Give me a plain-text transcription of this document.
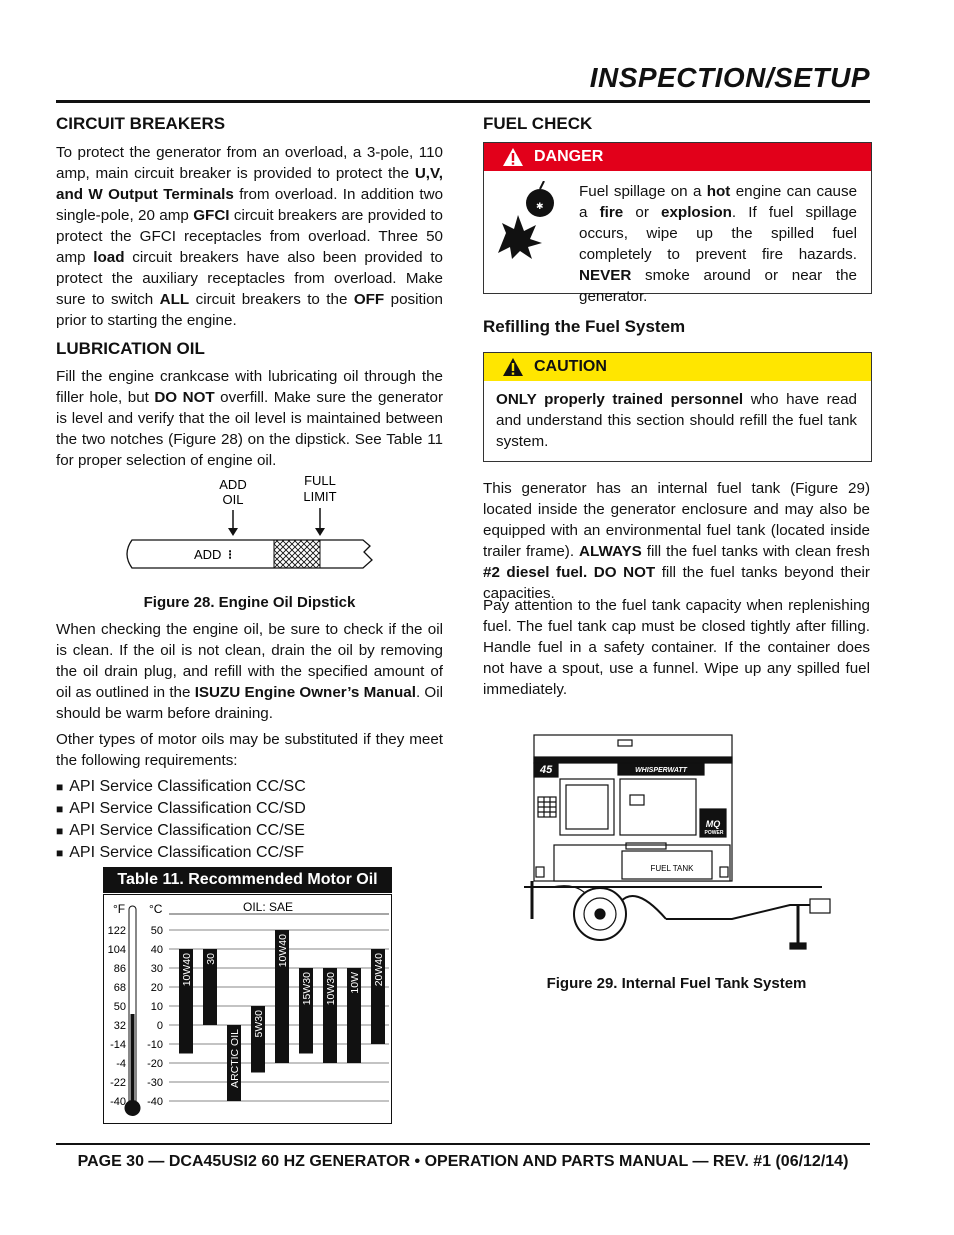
INSPECTION/SETUP
CIRCUIT BREAKERS
To protect the generator from an overload, a 3-pole, 110 amp, main circuit breaker is provided to protect the U,V, and W Output Terminals from overload. In addition two single-pole, 20 amp GFCI circuit breakers are provided to protect the GFCI receptacles from overload. Three 50 amp load circuit breakers have also been provided to protect the auxiliary receptacles from overload. Make sure to switch ALL circuit breakers to the OFF position prior to starting the engine.
LUBRICATION OIL
Fill the engine crankcase with lubricating oil through the filler hole, but DO NOT overfill. Make sure the generator is level and verify that the oil level is maintained between the two notches (Figure 28) on the dipstick. See Table 11 for proper selection of engine oil.
ADD
OIL
FULL
LIMIT
ADD ⁝
Figure 28. Engine Oil Dipstick
When checking the engine oil, be sure to check if the oil is clean. If the oil is not clean, drain the oil by removing the oil drain plug, and refill with the specified amount of oil as outlined in the ISUZU Engine Owner’s Manual. Oil should be warm before draining.
Other types of motor oils may be substituted if they meet the following requirements:
■ API Service Classification CC/SC
■ API Service Classification CC/SD
■ API Service Classification CC/SE
■ API Service Classification CC/SF
Table 11. Recommended Motor Oil
°F °C	OIL: SAE
122
104
86
68
50
32
-14
-4
-22
-40
50
40
30
20
10
0
-10
-20
-30
-40
10W40 30
ARCTIC OIL
5W30
10W40
15W30 10W30 10W 20W40
FUEL CHECK
DANGER
✱
Fuel spillage on a hot engine can cause a fire or explosion. If fuel spillage occurs, wipe up the spilled fuel completely to prevent fire hazards. NEVER smoke around or near the generator.
Refilling the Fuel System
CAUTION
ONLY properly trained personnel who have read and understand this section should refill the fuel tank system.
This generator has an internal fuel tank (Figure 29) located inside the generator enclosure and may also be equipped with an environmental fuel tank (located inside trailer frame). ALWAYS fill the fuel tanks with clean fresh #2 diesel fuel. DO NOT fill the fuel tanks beyond their capacities.
Pay attention to the fuel tank capacity when replenishing fuel. The fuel tank cap must be closed tightly after filling. Handle fuel in a safety container. If the container does not have a spout, use a funnel. Wipe up any spilled fuel immediately.
45	WHISPERWATT
MQ
POWER
FUEL TANK
Figure 29. Internal Fuel Tank System
PAGE 30 — DCA45USI2 60 HZ GENERATOR • OPERATION AND PARTS MANUAL — REV. #1 (06/12/14)
